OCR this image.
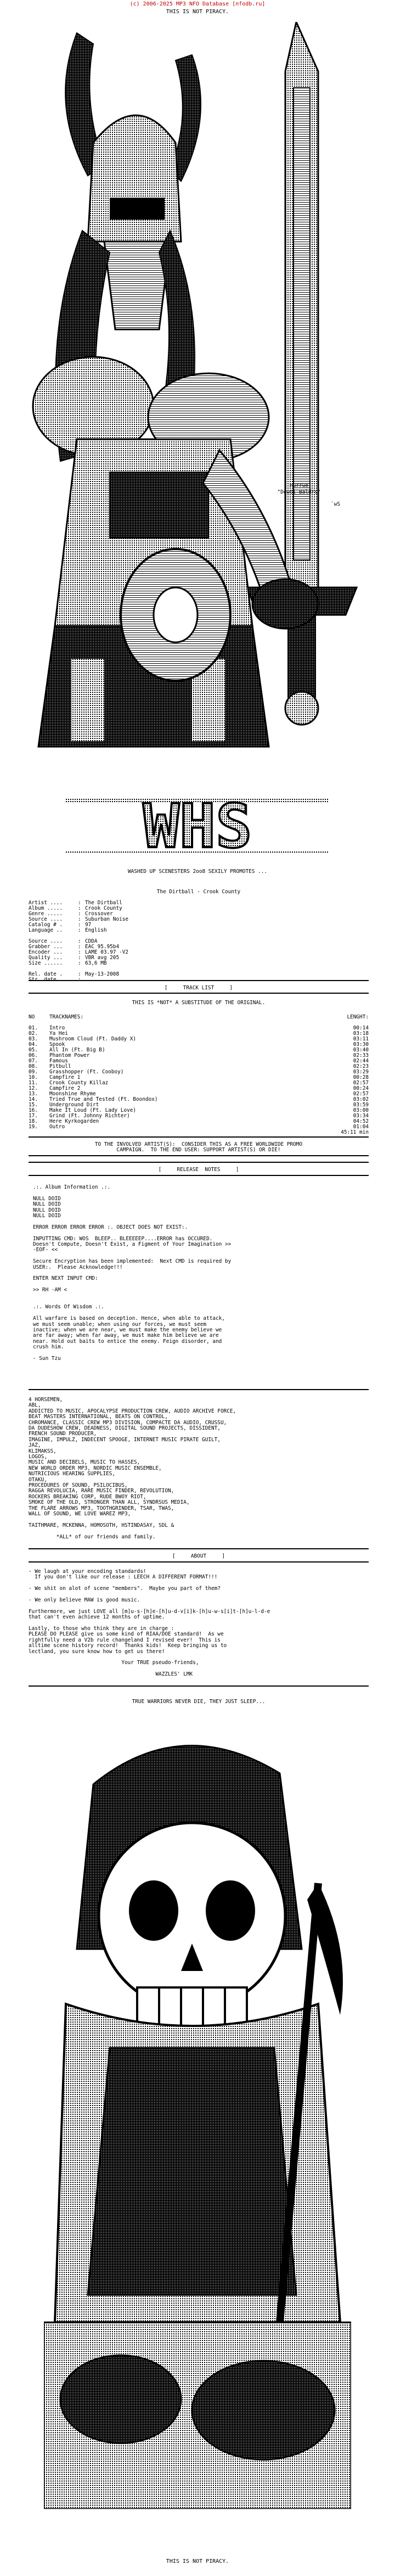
(c) 2006-2025 MP3 NFO Database [nfodb.ru]
THIS IS NOT PIRACY.
Hurrue
"Dowdl Baldrs"
`wS
WHS
WASHED UP SCENESTERS 2oo8 SEXILY PROMOTES ...
The Dirtball - Crook County
Artist ....	: The Dirtball
Album .....	: Crook County
Genre .....	: Crossover
Source ....	: Suburban Noise
Catalog # .	: 97
Language ..	: English
Source ....	: CDDA
Grabber ...	: EAC 95.95b4
Encoder ...	: LAME 03.97 -V2
Quality ...	: VBR avg 205
Size ......	: 63,6 MB
Rel. date .	: May-13-2008
Str. date .	:
[     TRACK LIST     ]
THIS IS *NOT* A SUBSTITUDE OF THE ORIGINAL.
NO	TRACKNAMES:	LENGHT:
01.	Intro	00:14
02.	Ya Hei	03:18
03.	Mushroom Cloud (Ft. Daddy X)	03:11
04.	Spook	03:30
05.	All In (Ft. Big B)	03:40
06.	Phantom Power	02:33
07.	Famous	02:44
08.	Pitbull	02:23
09.	Grasshopper (Ft. Cooboy)	03:29
10.	Campfire 1	00:28
11.	Crook County Killaz	02:57
12.	Campfire 2	00:24
13.	Moonshine Rhyme	02:57
14.	Tried True and Tested (Ft. Boondox)	03:02
15.	Underground Dirt	03:59
16.	Make It Loud (Ft. Lady Love)	03:00
17.	Grind (Ft. Johnny Richter)	03:34
18.	Here Kyrkogarden	04:52
19.	Outro	01:04
45:11 min
TO THE INVOLVED ARTIST(S):  CONSIDER THIS AS A FREE WORLDWIDE PROMO
CAMPAIGN.  TO THE END USER: SUPPORT ARTIST(S) OR DIE!
[     RELEASE  NOTES     ]
.:. Album Information .:.
NULL DOID
NULL DOID
NULL DOID
NULL DOID
ERROR ERROR ERROR ERROR :. OBJECT DOES NOT EXIST:.
INPUTTING CMD: WOS  BLEEP.. BLEEEEEP....ERROR has OCCURED.
Doesn't Compute, Doesn't Exist, a Figment of Your Imagination >>
-EOF- <<
Secure Encryption has been implemented:  Next CMD is required by
USER:.  Please Acknowledge!!!
ENTER NEXT INPUT CMD:
>> RH -AM <
.:. Words Of Wisdom .:.
All warfare is based on deception. Hence, when able to attack,
we must seem unable; when using our forces, we must seem
inactive; when we are near, we must make the enemy believe we
are far away; when far away, we must make him believe we are
near. Hold out baits to entice the enemy. Feign disorder, and
crush him.
- Sun Tzu
4 HORSEMEN,
ABL,
ADDICTED TO MUSIC, APOCALYPSE PRODUCTION CREW, AUDIO ARCHIVE FORCE,
BEAT MASTERS INTERNATIONAL, BEATS ON CONTROL,
CHROMANCE, CLASSIC CREW MP3 DIVISION, COMPACTE DA AUDIO, CRUSSU,
DA DUDESHOW CREW, DEADNESS, DIGITAL SOUND PROJECTS, DISSIDENT,
FRENCH SOUND PRODUCER,
IMAGINE, IMPULZ, INDECENT SPOOGE, INTERNET MUSIC PIRATE GUILT,
JAZ,
KLIMAKSS,
LOGOS,
MUSIC AND DECIBELS, MUSIC TO HASSES,
NEW WORLD ORDER MP3, NORDIC MUSIC ENSEMBLE,
NUTRICIOUS HEARING SUPPLIES,
OTAKU,
PROCEDURES OF SOUND, PSILOCIBUS,
RAGGA REVOLUCIA, RARE MUSIC FINDER, REVOLUTION,
ROCKERS BREAKING CORP, RUDE BWOY RIOT,
SMOKE OF THE OLD, STRONGER THAN ALL, SYNDRSUS MEDIA,
THE FLARE ARROWS MP3, TOOTHGRINDER, TSAR, TWAS,
WALL OF SOUND, WE LOVE WAREZ MP3,
TAITHMARE, MCKENNA, HOMOSOTH, HSTINDASAY, SDL &
*ALL* of our friends and family.
[     ABOUT     ]
- We laugh at your encoding standards!
If you don't like our release : LEECH A DIFFERENT FORMAT!!!
- We shit on alot of scene "members".  Maybe you part of them?
- We only believe MAW is good music.
Furthermore, we just LOVE all [m]u-s-[h]e-[h]u-d-v[i]k-[h]u-w-s[i]t-[h]u-l-d-e
that can't even achieve 12 months of uptime.
Lastly, to those who think they are in charge :
PLEASE DO PLEASE give us some kind of RIAA/DOE standard!  As we
rightfully need a V2b rule changeland I revised ever!  This is
alltime scene history record!  Thanks kids!  Keep bringing us to
lectland, you sure know how to get us there!
Your TRUE pseudo-friends,
WAZZLES' LMK
TRUE WARRIORS NEVER DIE, THEY JUST SLEEP...
THIS IS NOT PIRACY.
